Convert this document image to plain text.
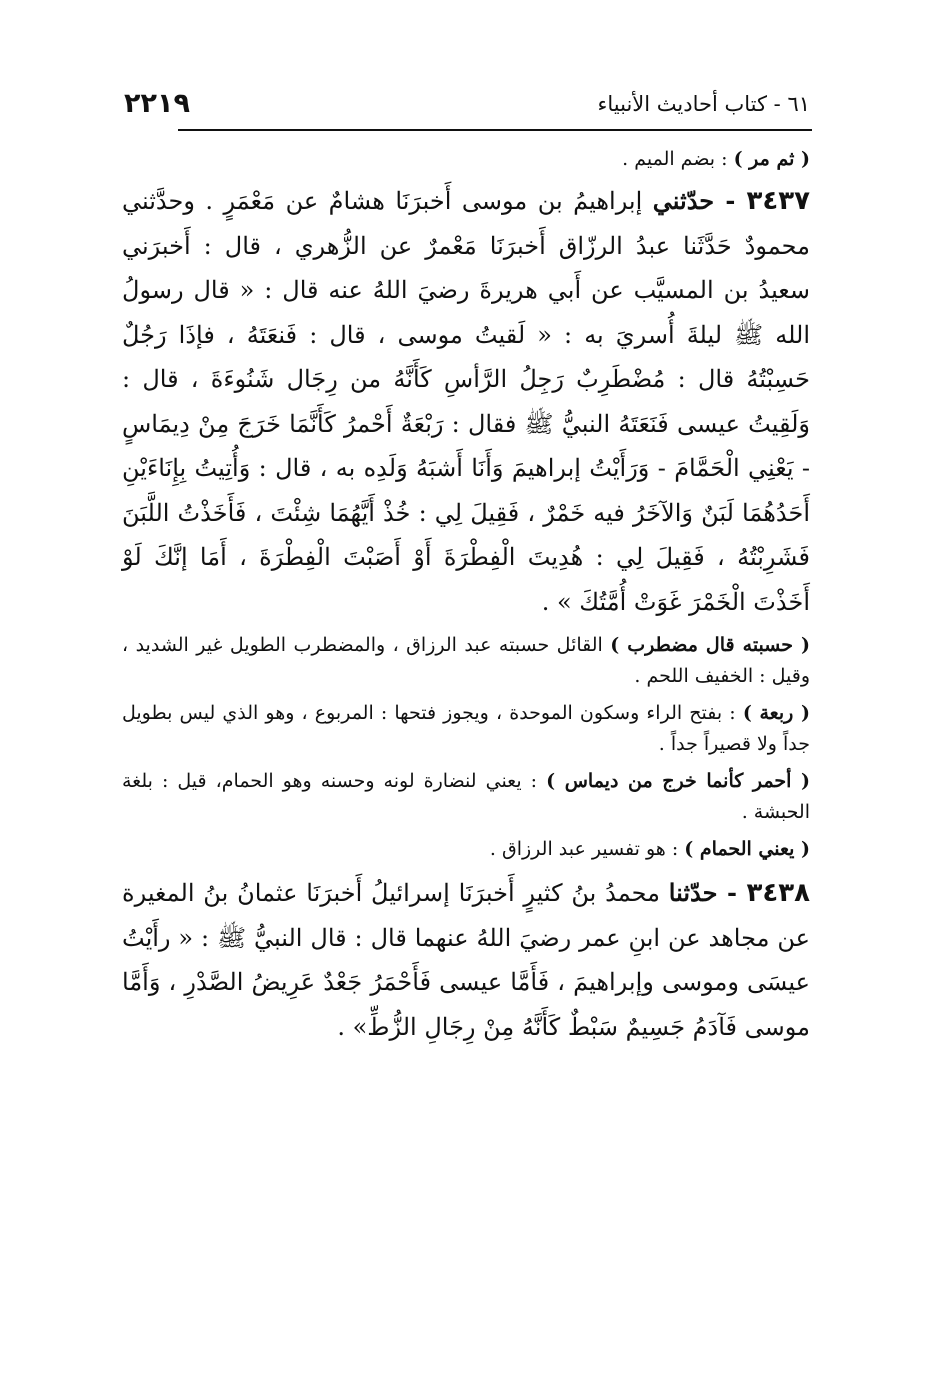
٢٢١٩	٦١ - كتاب أحاديث الأنبياء

( ثم مر ) : بضم الميم .

٣٤٣٧ - حدّثني إبراهيمُ بن موسى أَخبرَنَا هشامٌ عن مَعْمَرٍ . وحدَّثني محمودٌ حَدَّثَنا عبدُ الرزّاق أَخبرَنَا مَعْمرٌ عن الزُّهري ، قال : أَخبرَني سعيدُ بن المسيَّب عن أَبي هريرةَ رضيَ اللهُ عنه قال : « قال رسولُ الله ﷺ ليلةَ أُسريَ به : « لَقيتُ موسى ، قال : فَنعَتَهُ ، فإذَا رَجُلٌ حَسِبْتُهُ قال : مُضْطَرِبٌ رَجِلُ الرَّأسِ كَأَنَّهُ من رِجَال شَنُوءَةَ ، قال : وَلَقِيتُ عيسى فَنَعَتَهُ النبيُّ ﷺ فقال : رَبْعَةٌ أَحْمرُ كَأَنَّمَا خَرَجَ مِنْ دِيمَاسٍ - يَعْنِي الْحَمَّامَ - وَرَأَيْتُ إبراهيمَ وَأَنَا أَشبَهُ وَلَدِه به ، قال : وَأُتِيتُ بِإِنَاءَيْنِ أَحَدُهُمَا لَبَنٌ وَالآخَرُ فيه خَمْرٌ ، فَقِيلَ لِي : خُذْ أَيَّهُمَا شِئْتَ ، فَأَخَذْتُ اللَّبَنَ فَشَرِبْتُهُ ، فَقِيلَ لِي : هُدِيتَ الْفِطْرَةَ أَوْ أَصَبْتَ الْفِطْرَةَ ، أَمَا إنَّكَ لَوْ أَخَذْتَ الْخَمْرَ غَوَتْ أُمَّتُكَ » .

( حسبته قال مضطرب ) القائل حسبته عبد الرزاق ، والمضطرب الطويل غير الشديد ، وقيل : الخفيف اللحم .

( ربعة ) : بفتح الراء وسكون الموحدة ، ويجوز فتحها : المربوع ، وهو الذي ليس بطويل جداً ولا قصيراً جداً .

( أحمر كأنما خرج من ديماس ) : يعني لنضارة لونه وحسنه وهو الحمام، قيل : بلغة الحبشة .

( يعني الحمام ) : هو تفسير عبد الرزاق .

٣٤٣٨ - حدّثنا محمدُ بنُ كثيرٍ أَخبرَنَا إسرائيلُ أَخبرَنَا عثمانُ بنُ المغيرة عن مجاهد عن ابنِ عمر رضيَ اللهُ عنهما قال : قال النبيُّ ﷺ : « رأَيْتُ عيسَى وموسى وإبراهيمَ ، فَأَمَّا عيسى فَأَحْمَرُ جَعْدٌ عَرِيضُ الصَّدْرِ ، وَأَمَّا موسى فَآدَمُ جَسِيمٌ سَبْطٌ كَأَنَّهُ مِنْ رِجَالِ الزُّطِّ» .
